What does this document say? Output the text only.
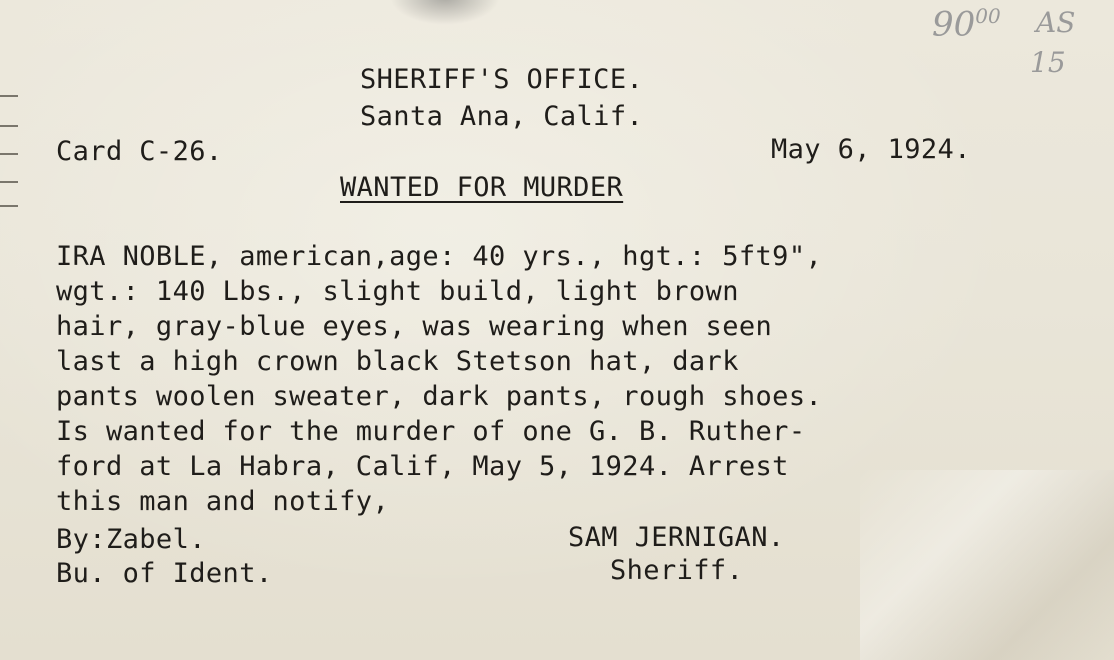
$90^{00}$ AS
15
SHERIFF'S OFFICE.
Santa Ana, Calif.
Card C-26.	May 6, 1924.
WANTED FOR MURDER
IRA NOBLE, american,age: 40 yrs., hgt.: 5ft9",
wgt.: 140 Lbs., slight build, light brown
hair, gray-blue eyes, was wearing when seen
last a high crown black Stetson hat, dark
pants woolen sweater, dark pants, rough shoes.
Is wanted for the murder of one G. B. Ruther-
ford at La Habra, Calif, May 5, 1924. Arrest
this man and notify,
By:Zabel.
Bu. of Ident.
SAM JERNIGAN.
Sheriff.
